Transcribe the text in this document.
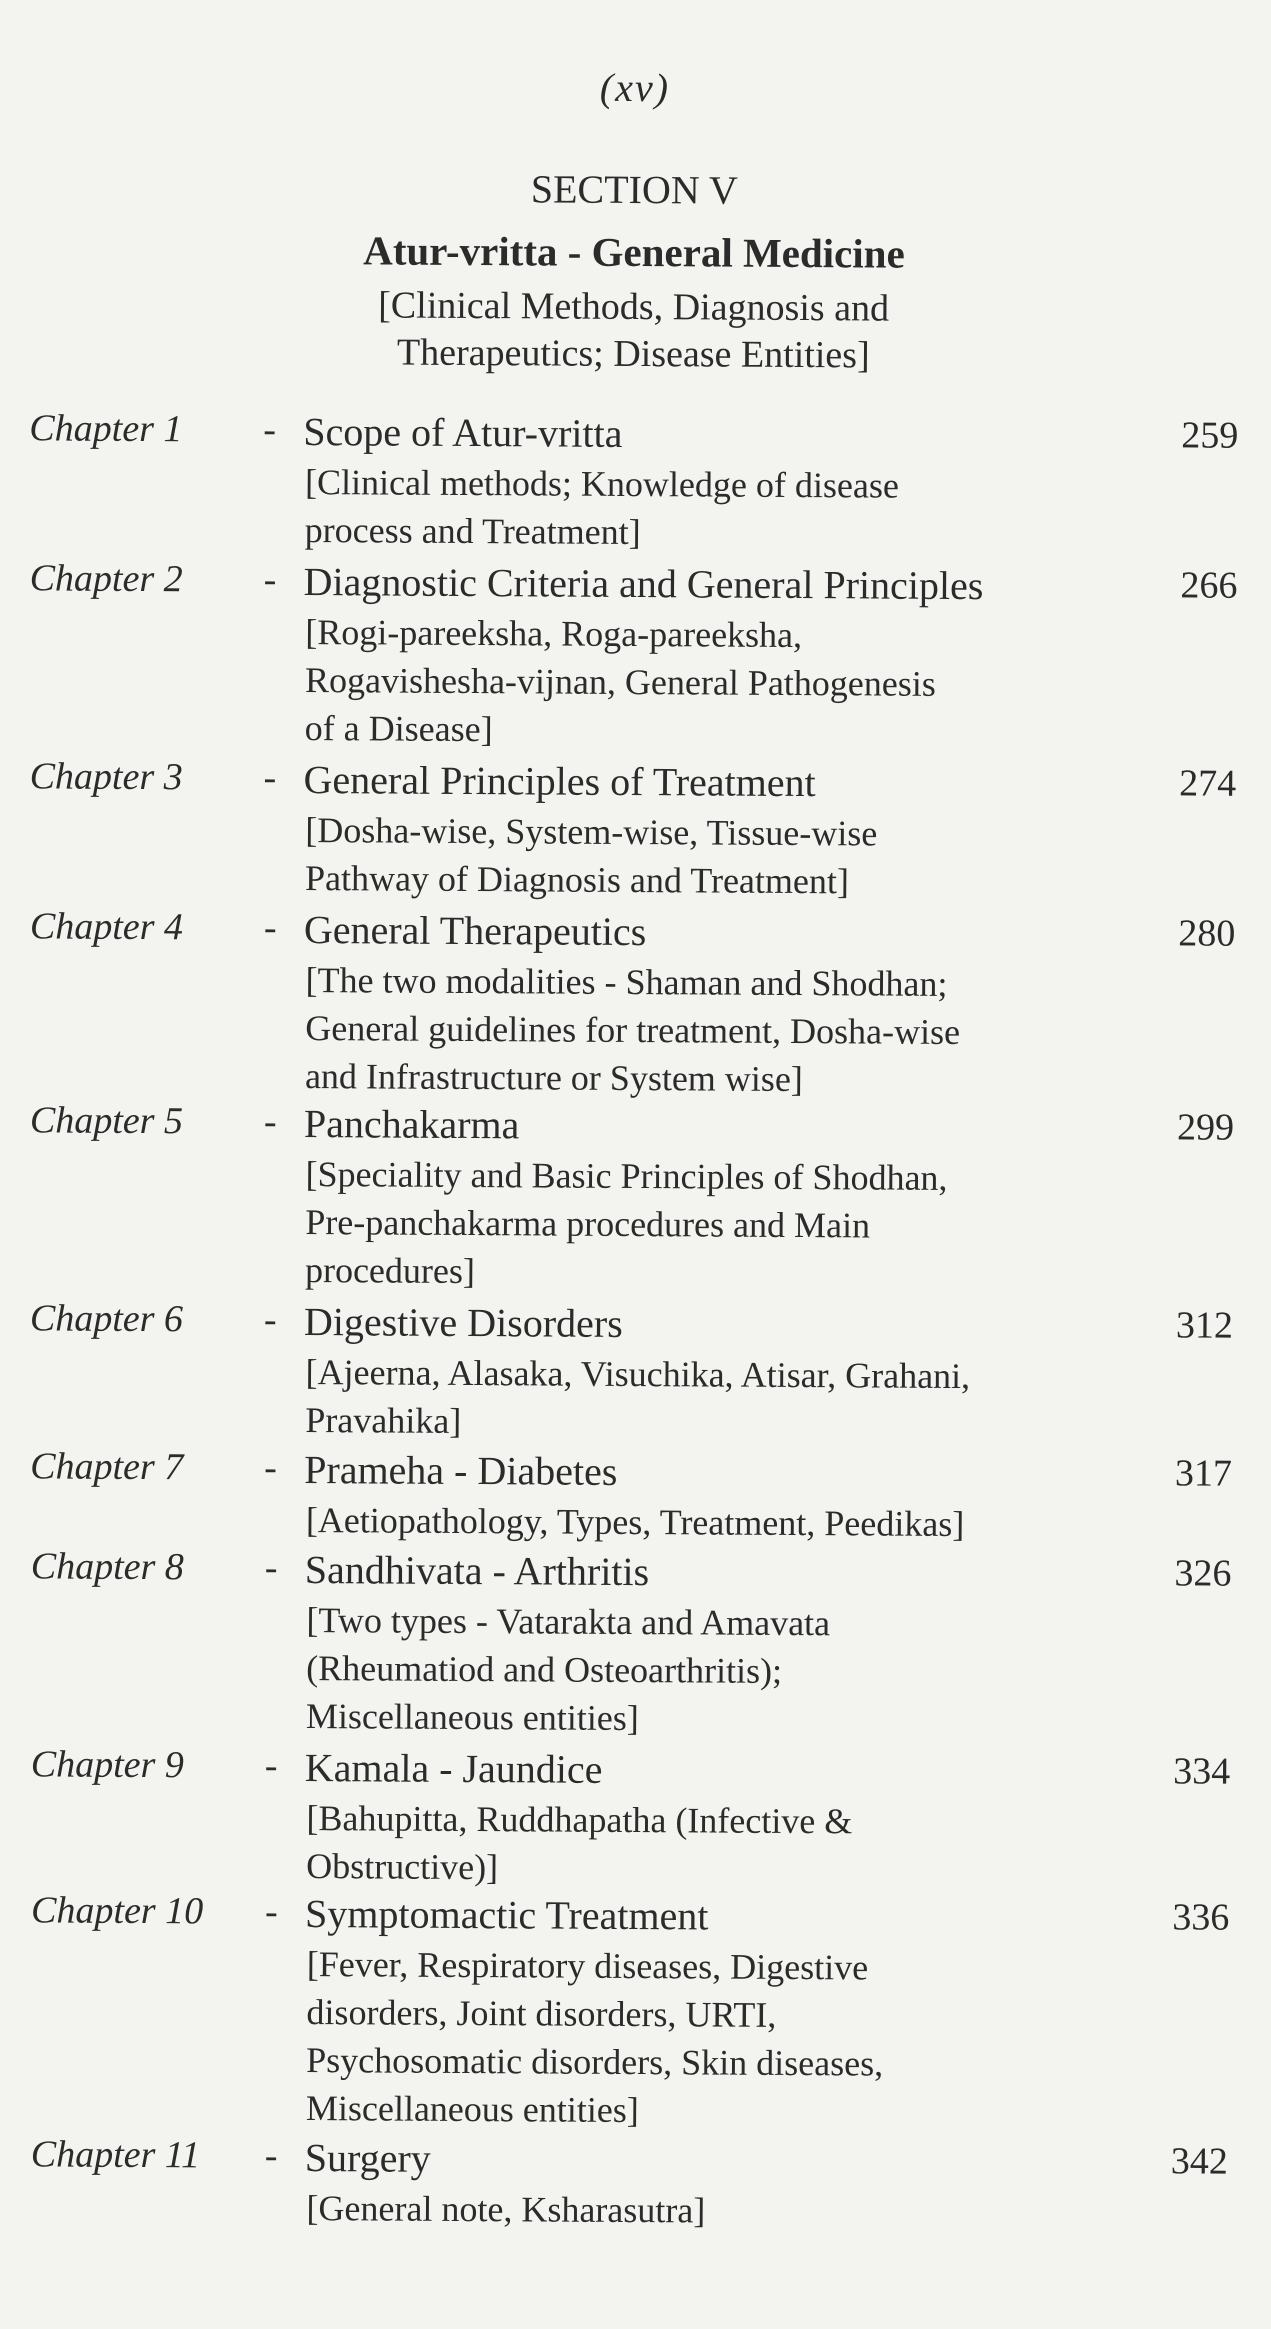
(xv)
SECTION V
Atur-vritta - General Medicine
[Clinical Methods, Diagnosis and
Therapeutics; Disease Entities]
Chapter 1 - Scope of Atur-vritta	259
[Clinical methods; Knowledge of disease
process and Treatment]
Chapter 2 - Diagnostic Criteria and General Principles	266
[Rogi-pareeksha, Roga-pareeksha,
Rogavishesha-vijnan, General Pathogenesis
of a Disease]
Chapter 3 - General Principles of Treatment	274
[Dosha-wise, System-wise, Tissue-wise
Pathway of Diagnosis and Treatment]
Chapter 4 - General Therapeutics	280
[The two modalities - Shaman and Shodhan;
General guidelines for treatment, Dosha-wise
and Infrastructure or System wise]
Chapter 5 - Panchakarma	299
[Speciality and Basic Principles of Shodhan,
Pre-panchakarma procedures and Main
procedures]
Chapter 6 - Digestive Disorders	312
[Ajeerna, Alasaka, Visuchika, Atisar, Grahani,
Pravahika]
Chapter 7 - Prameha - Diabetes	317
[Aetiopathology, Types, Treatment, Peedikas]
Chapter 8 - Sandhivata - Arthritis	326
[Two types - Vatarakta and Amavata
(Rheumatiod and Osteoarthritis);
Miscellaneous entities]
Chapter 9 - Kamala - Jaundice	334
[Bahupitta, Ruddhapatha (Infective &
Obstructive)]
Chapter 10 - Symptomactic Treatment	336
[Fever, Respiratory diseases, Digestive
disorders, Joint disorders, URTI,
Psychosomatic disorders, Skin diseases,
Miscellaneous entities]
Chapter 11 - Surgery	342
[General note, Ksharasutra]
